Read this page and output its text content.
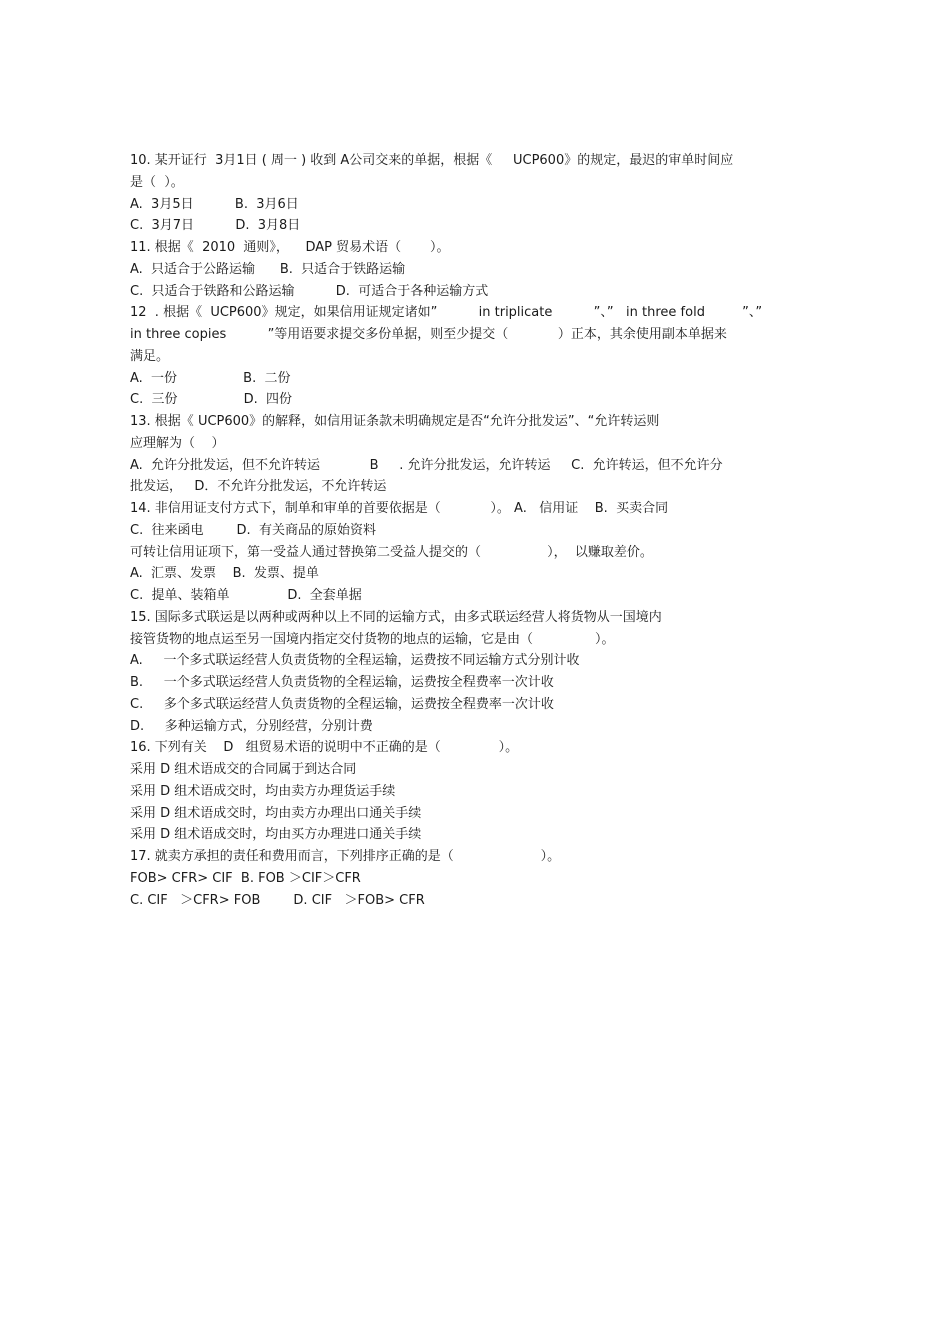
10. 某开证行  3月1日 ( 周一 ) 收到 A公司交来的单据，根据《     UCP600》的规定，最迟的审单时间应
是（  ）。
A.  3月5日          B.  3月6日
C.  3月7日          D.  3月8日
11. 根据《  2010  通则》，    DAP 贸易术语（       ）。
A.  只适合于公路运输      B.  只适合于铁路运输
C.  只适合于铁路和公路运输          D.  可适合于各种运输方式
12  . 根据《  UCP600》规定，如果信用证规定诸如”          in triplicate          ”、”   in three fold         ”、”
in three copies          ”等用语要求提交多份单据，则至少提交（            ）正本，其余使用副本单据来
满足。
A.  一份                B.  二份
C.  三份                D.  四份
13. 根据《 UCP600》的解释，如信用证条款未明确规定是否“允许分批发运”、“允许转运则
应理解为（    ）
A.  允许分批发运，但不允许转运            B     . 允许分批发运，允许转运     C.  允许转运，但不允许分
批发运，   D．不允许分批发运，不允许转运
14. 非信用证支付方式下，制单和审单的首要依据是（            ）。 A.   信用证    B.  买卖合同
C.  往来函电        D.  有关商品的原始资料
可转让信用证项下，第一受益人通过替换第二受益人提交的（                ），  以赚取差价。
A.  汇票、发票    B.  发票、提单
C.  提单、装箱单              D.  全套单据
15. 国际多式联运是以两种或两种以上不同的运输方式，由多式联运经营人将货物从一国境内
接管货物的地点运至另一国境内指定交付货物的地点的运输，它是由（               ）。
A.     一个多式联运经营人负责货物的全程运输，运费按不同运输方式分别计收
B.     一个多式联运经营人负责货物的全程运输，运费按全程费率一次计收
C.     多个多式联运经营人负责货物的全程运输，运费按全程费率一次计收
D.     多种运输方式，分别经营，分别计费
16. 下列有关    D   组贸易术语的说明中不正确的是（              ）。
采用 D 组术语成交的合同属于到达合同
采用 D 组术语成交时，均由卖方办理货运手续
采用 D 组术语成交时，均由卖方办理出口通关手续
采用 D 组术语成交时，均由买方办理进口通关手续
17. 就卖方承担的责任和费用而言，下列排序正确的是（                     ）。
FOB> CFR> CIF  B. FOB ＞CIF＞CFR
C. CIF   ＞CFR> FOB        D. CIF   ＞FOB> CFR
